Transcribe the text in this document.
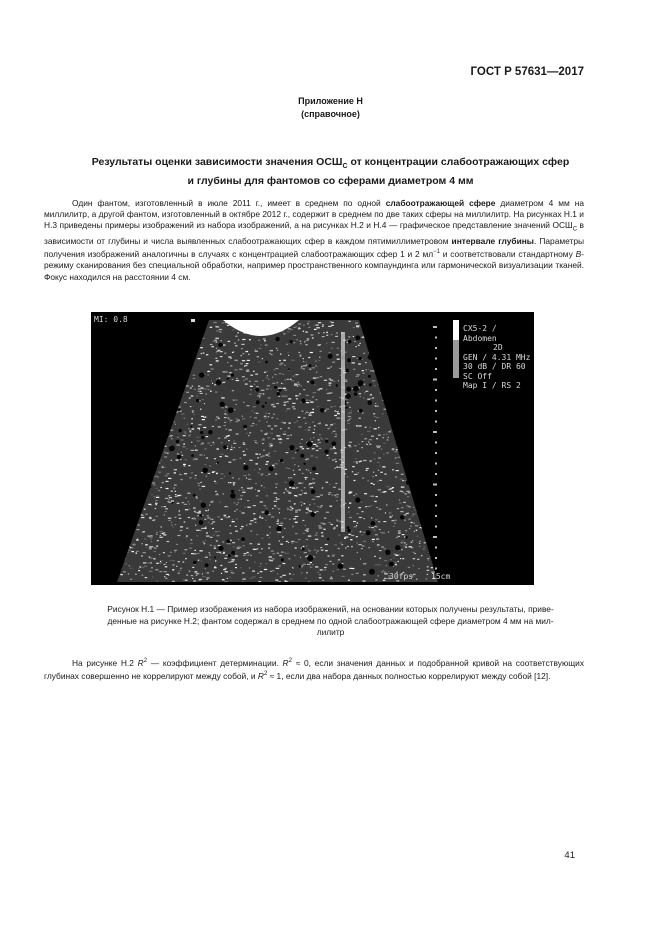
ГОСТ Р 57631—2017
Приложение Н
(справочное)
Результаты оценки зависимости значения $ОСШ_С$ от концентрации слабоотражающих сфер
и глубины для фантомов со сферами диаметром 4 мм

Один фантом, изготовленный в июле 2011 г., имеет в среднем по одной слабоотражающей сфере диаметром 4 мм на миллилитр, а другой фантом, изготовленный в октябре 2012 г., содержит в среднем по две таких сферы на миллилитр. На рисунках Н.1 и Н.3 приведены примеры изображений из набора изображений, а на рисунках Н.2 и Н.4 — графическое представление значений $ОСШ_С$ в зависимости от глубины и числа выявленных слабоотражающих сфер в каждом пятимиллиметровом интервале глубины. Параметры получения изображений аналогичны в случаях с концентрацией слабоотражающих сфер 1 и 2 $мл^{-1}$ и соответствовали стандартному B-режиму сканирования без специальной обработки, например пространственного компаундинга или гармонической визуализации тканей. Фокус находился на расстоянии 4 см.

MI: 0.8
CX5-2 / Abdomen
2D
GEN / 4.31 MHz
30 dB / DR 60
SC Off
Map I / RS 2
30fps 15cm
Рисунок Н.1 — Пример изображения из набора изображений, на основании которых получены результаты, приве-
денные на рисунке Н.2; фантом содержал в среднем по одной слабоотражающей сфере диаметром 4 мм на мил-
лилитр

На рисунке Н.2 $R^2$ — коэффициент детерминации. $R^2 \approx 0$, если значения данных и подобранной кривой на соответствующих глубинах совершенно не коррелируют между собой, и $R^2 \approx 1$, если два набора данных полностью коррелируют между собой [12].

41
